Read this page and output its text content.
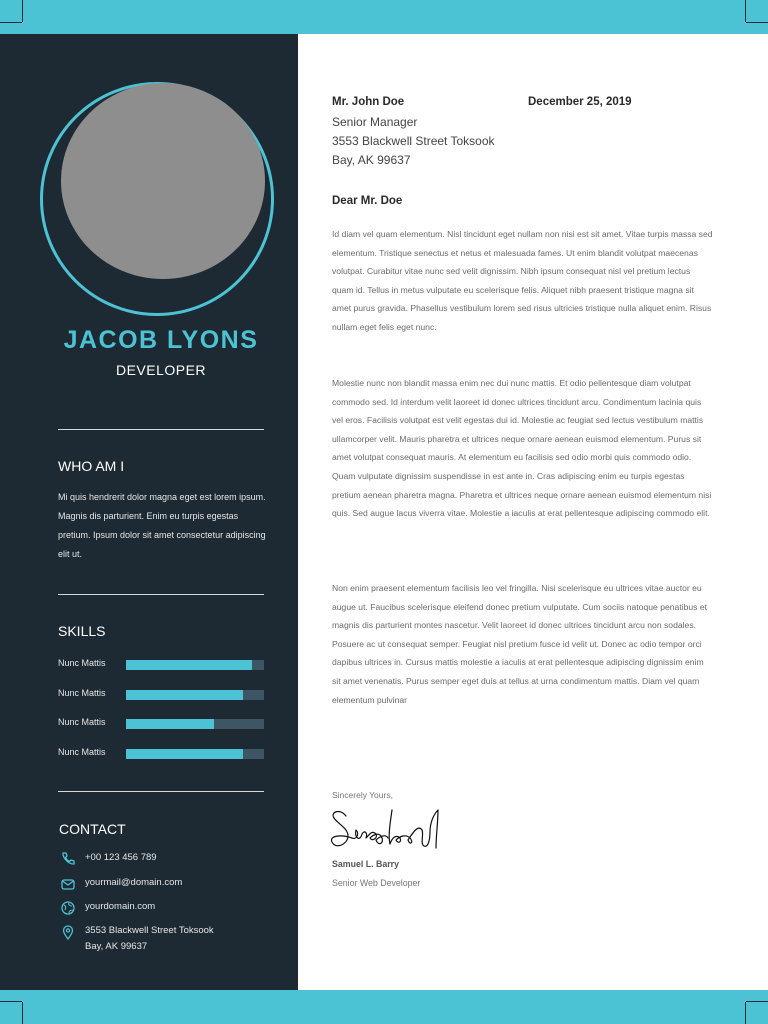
JACOB LYONS
DEVELOPER
WHO AM I
Mi quis hendrerit dolor magna eget est lorem ipsum. Magnis dis parturient. Enim eu turpis egestas pretium. Ipsum dolor sit amet consectetur adipiscing elit ut.
SKILLS
Nunc Mattis
Nunc Mattis
Nunc Mattis
Nunc Mattis
CONTACT
+00 123 456 789
yourmail@domain.com
yourdomain.com
3553 Blackwell Street Toksook
Bay, AK 99637
Mr. John Doe	December 25, 2019
Senior Manager
3553 Blackwell Street Toksook
Bay, AK 99637
Dear Mr. Doe
Id diam vel quam elementum. Nisl tincidunt eget nullam non nisi est sit amet. Vitae turpis massa sed elementum. Tristique senectus et netus et malesuada fames. Ut enim blandit volutpat maecenas volutpat. Curabitur vitae nunc sed velit dignissim. Nibh ipsum consequat nisl vel pretium lectus quam id. Tellus in metus vulputate eu scelerisque felis. Aliquet nibh praesent tristique magna sit amet purus gravida. Phasellus vestibulum lorem sed risus ultricies tristique nulla aliquet enim. Risus nullam eget felis eget nunc.
Molestie nunc non blandit massa enim nec dui nunc mattis. Et odio pellentesque diam volutpat commodo sed. Id interdum velit laoreet id donec ultrices tincidunt arcu. Condimentum lacinia quis vel eros. Facilisis volutpat est velit egestas dui id. Molestie ac feugiat sed lectus vestibulum mattis ullamcorper velit. Mauris pharetra et ultrices neque ornare aenean euismod elementum. Purus sit amet volutpat consequat mauris. At elementum eu facilisis sed odio morbi quis commodo odio. Quam vulputate dignissim suspendisse in est ante in. Cras adipiscing enim eu turpis egestas pretium aenean pharetra magna. Pharetra et ultrices neque ornare aenean euismod elementum nisi quis. Sed augue lacus viverra vitae. Molestie a iaculis at erat pellentesque adipiscing commodo elit.
Non enim praesent elementum facilisis leo vel fringilla. Nisi scelerisque eu ultrices vitae auctor eu augue ut. Faucibus scelerisque eleifend donec pretium vulputate. Cum sociis natoque penatibus et magnis dis parturient montes nascetur. Velit laoreet id donec ultrices tincidunt arcu non sodales. Posuere ac ut consequat semper. Feugiat nisl pretium fusce id velit ut. Donec ac odio tempor orci dapibus ultrices in. Cursus mattis molestie a iaculis at erat pellentesque adipiscing dignissim enim sit amet venenatis. Purus semper eget duis at tellus at urna condimentum mattis. Diam vel quam elementum pulvinar
Sincerely Yours,
Samuel L. Barry
Senior Web Developer
